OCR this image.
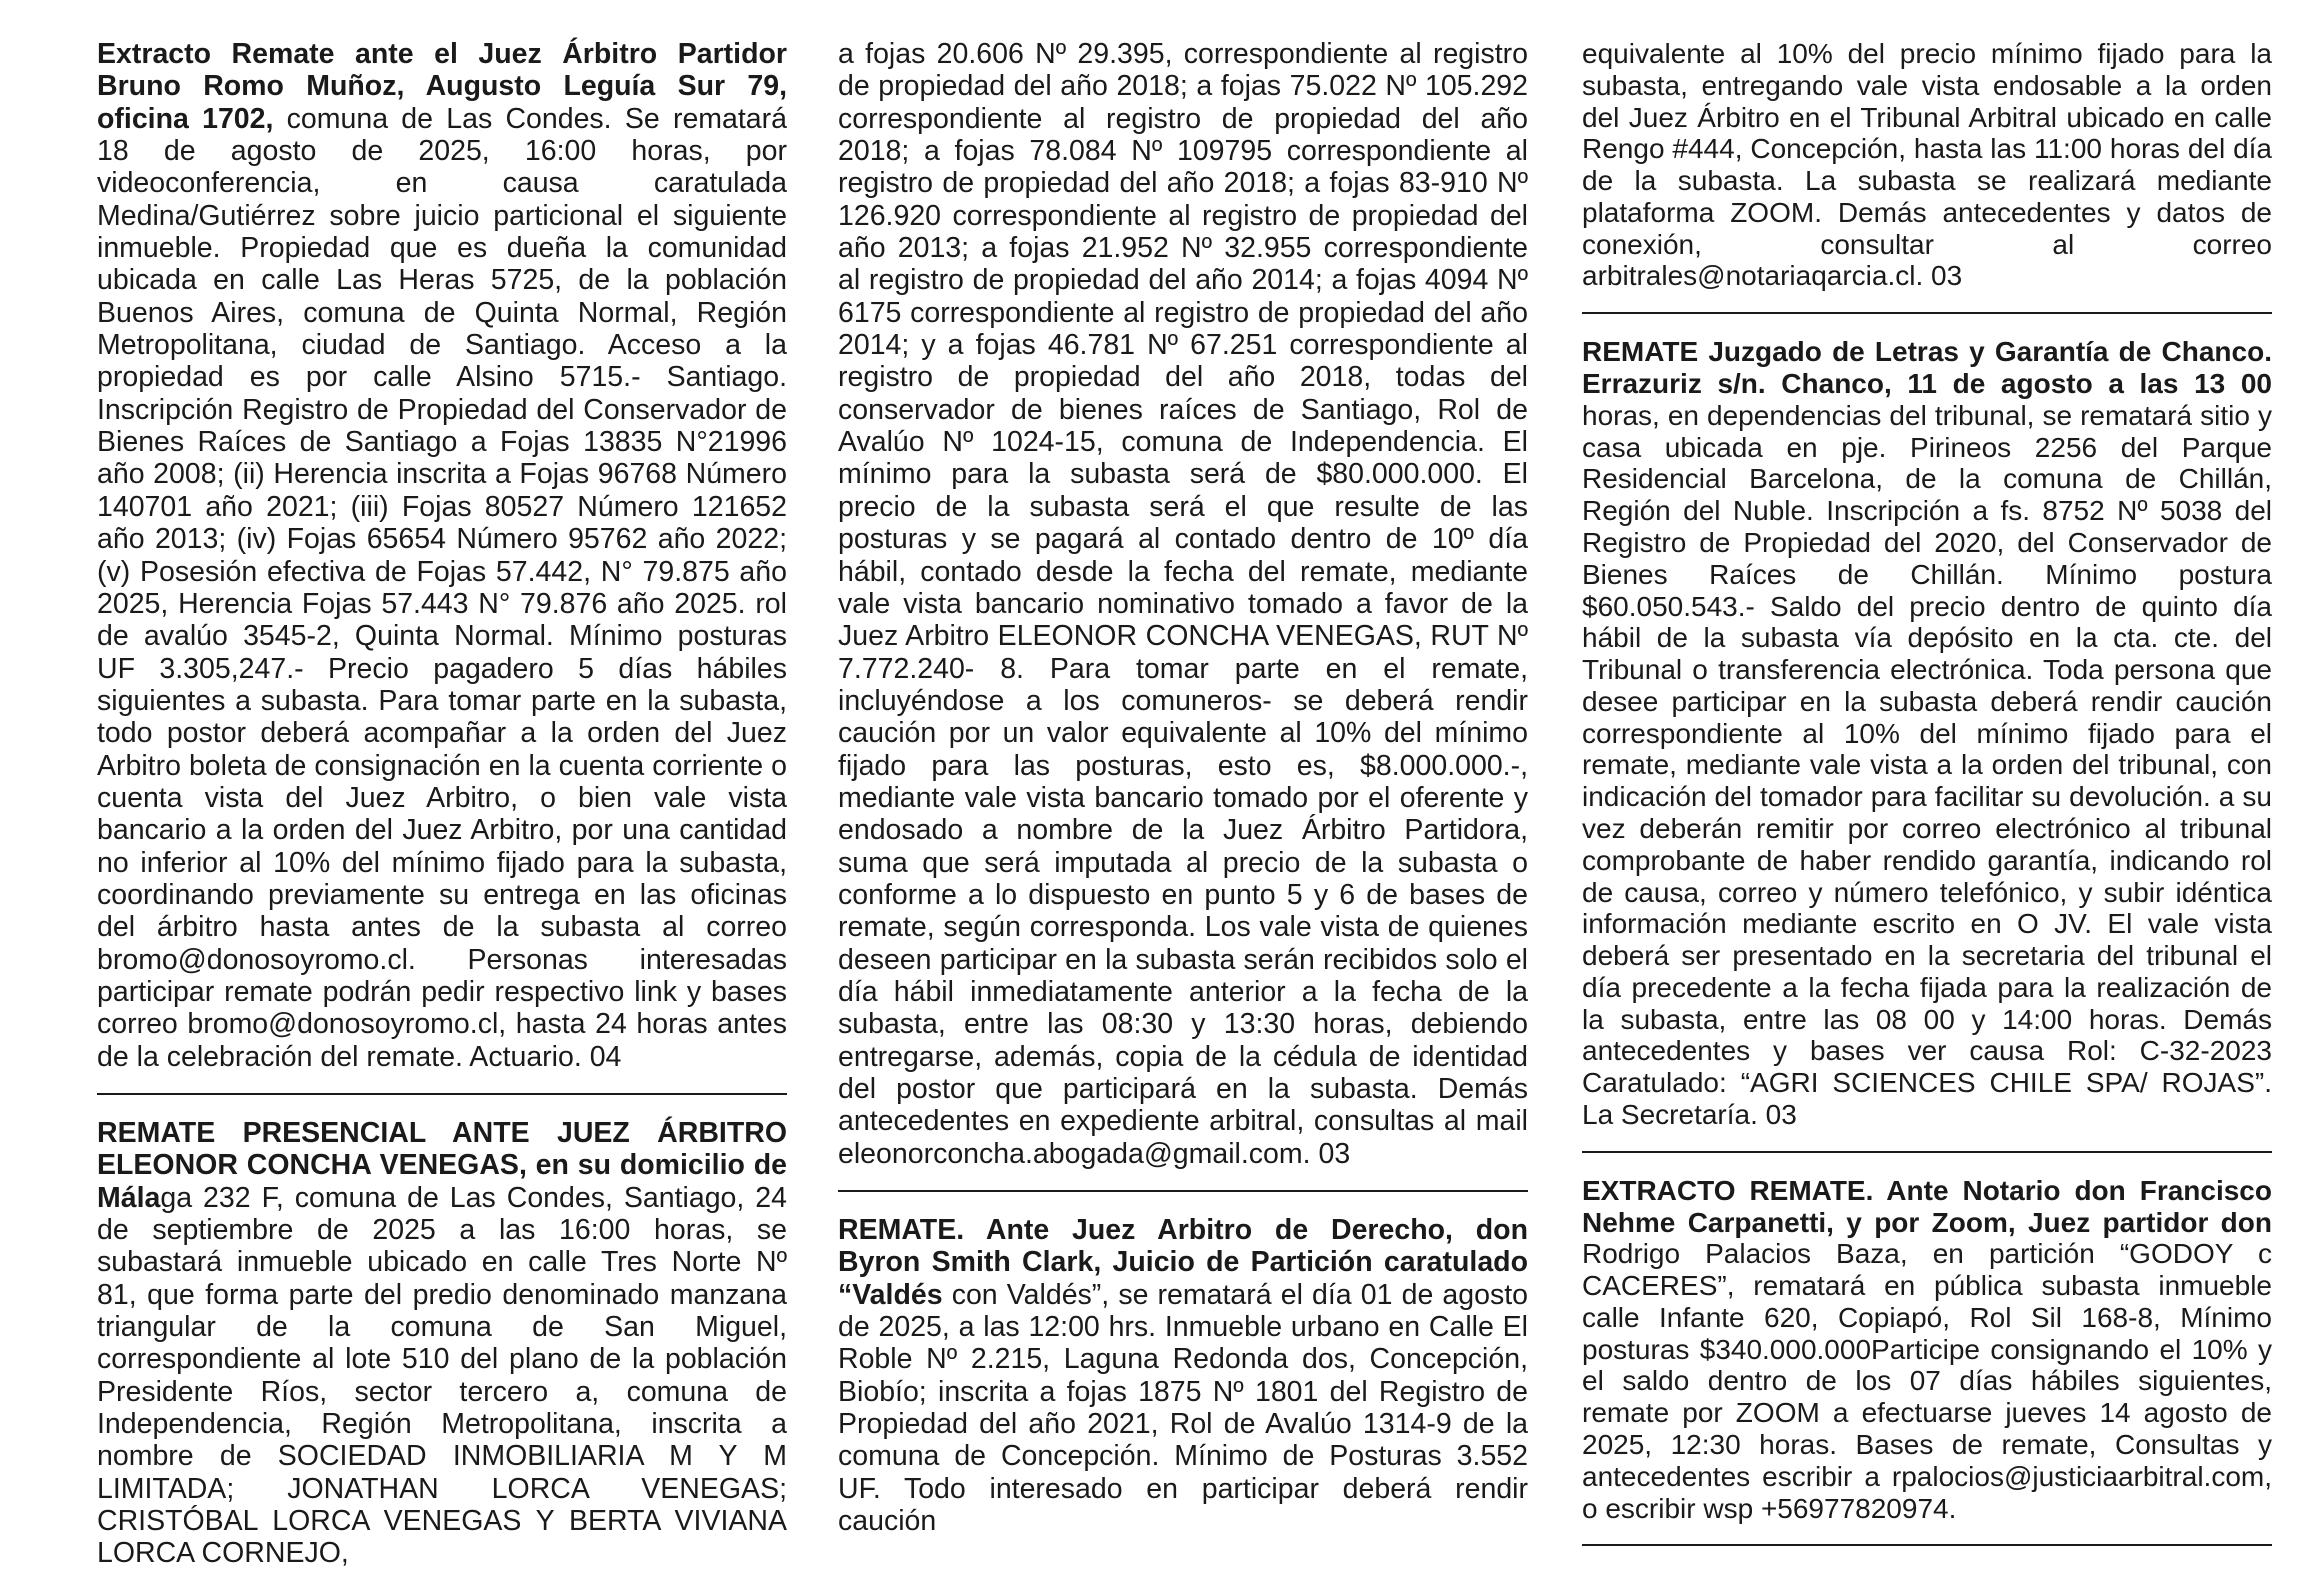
Extracto Remate ante el Juez Árbitro Partidor Bruno Romo Muñoz, Augusto Leguía Sur 79, oficina 1702, comuna de Las Condes. Se rematará 18 de agosto de 2025, 16:00 horas, por videoconferencia, en causa caratulada Medina/Gutiérrez sobre juicio particional el siguiente inmueble. Propiedad que es dueña la comunidad ubicada en calle Las Heras 5725, de la población Buenos Aires, comuna de Quinta Normal, Región Metropolitana, ciudad de Santiago. Acceso a la propiedad es por calle Alsino 5715.- Santiago. Inscripción Registro de Propiedad del Conservador de Bienes Raíces de Santiago a Fojas 13835 N°21996 año 2008; (ii) Herencia inscrita a Fojas 96768 Número 140701 año 2021; (iii) Fojas 80527 Número 121652 año 2013; (iv) Fojas 65654 Número 95762 año 2022; (v) Posesión efectiva de Fojas 57.442, N° 79.875 año 2025, Herencia Fojas 57.443 N° 79.876 año 2025. rol de avalúo 3545-2, Quinta Normal. Mínimo posturas UF 3.305,247.- Precio pagadero 5 días hábiles siguientes a subasta. Para tomar parte en la subasta, todo postor deberá acompañar a la orden del Juez Arbitro boleta de consignación en la cuenta corriente o cuenta vista del Juez Arbitro, o bien vale vista bancario a la orden del Juez Arbitro, por una cantidad no inferior al 10% del mínimo fijado para la subasta, coordinando previamente su entrega en las oficinas del árbitro hasta antes de la subasta al correo bromo@donosoyromo.cl. Personas interesadas participar remate podrán pedir respectivo link y bases correo bromo@donosoyromo.cl, hasta 24 horas antes de la celebración del remate. Actuario. 04

REMATE PRESENCIAL ANTE JUEZ ÁRBITRO ELEONOR CONCHA VENEGAS, en su domicilio de Málaga 232 F, comuna de Las Condes, Santiago, 24 de septiembre de 2025 a las 16:00 horas, se subastará inmueble ubicado en calle Tres Norte Nº 81, que forma parte del predio denominado manzana triangular de la comuna de San Miguel, correspondiente al lote 510 del plano de la población Presidente Ríos, sector tercero a, comuna de Independencia, Región Metropolitana, inscrita a nombre de SOCIEDAD INMOBILIARIA M Y M LIMITADA; JONATHAN LORCA VENEGAS; CRISTÓBAL LORCA VENEGAS Y BERTA VIVIANA LORCA CORNEJO,

a fojas 20.606 Nº 29.395, correspondiente al registro de propiedad del año 2018; a fojas 75.022 Nº 105.292 correspondiente al registro de propiedad del año 2018; a fojas 78.084 Nº 109795 correspondiente al registro de propiedad del año 2018; a fojas 83-910 Nº 126.920 correspondiente al registro de propiedad del año 2013; a fojas 21.952 Nº 32.955 correspondiente al registro de propiedad del año 2014; a fojas 4094 Nº 6175 correspondiente al registro de propiedad del año 2014; y a fojas 46.781 Nº 67.251 correspondiente al registro de propiedad del año 2018, todas del conservador de bienes raíces de Santiago, Rol de Avalúo Nº 1024-15, comuna de Independencia. El mínimo para la subasta será de $80.000.000. El precio de la subasta será el que resulte de las posturas y se pagará al contado dentro de 10º día hábil, contado desde la fecha del remate, mediante vale vista bancario nominativo tomado a favor de la Juez Arbitro ELEONOR CONCHA VENEGAS, RUT Nº 7.772.240- 8. Para tomar parte en el remate, incluyéndose a los comuneros- se deberá rendir caución por un valor equivalente al 10% del mínimo fijado para las posturas, esto es, $8.000.000.-, mediante vale vista bancario tomado por el oferente y endosado a nombre de la Juez Árbitro Partidora, suma que será imputada al precio de la subasta o conforme a lo dispuesto en punto 5 y 6 de bases de remate, según corresponda. Los vale vista de quienes deseen participar en la subasta serán recibidos solo el día hábil inmediatamente anterior a la fecha de la subasta, entre las 08:30 y 13:30 horas, debiendo entregarse, además, copia de la cédula de identidad del postor que participará en la subasta. Demás antecedentes en expediente arbitral, consultas al mail eleonorconcha.abogada@gmail.com. 03

REMATE. Ante Juez Arbitro de Derecho, don Byron Smith Clark, Juicio de Partición caratulado “Valdés con Valdés”, se rematará el día 01 de agosto de 2025, a las 12:00 hrs. Inmueble urbano en Calle El Roble Nº 2.215, Laguna Redonda dos, Concepción, Biobío; inscrita a fojas 1875 Nº 1801 del Registro de Propiedad del año 2021, Rol de Avalúo 1314-9 de la comuna de Concepción. Mínimo de Posturas 3.552 UF. Todo interesado en participar deberá rendir caución

equivalente al 10% del precio mínimo fijado para la subasta, entregando vale vista endosable a la orden del Juez Árbitro en el Tribunal Arbitral ubicado en calle Rengo #444, Concepción, hasta las 11:00 horas del día de la subasta. La subasta se realizará mediante plataforma ZOOM. Demás antecedentes y datos de conexión, consultar al correo arbitrales@notariaqarcia.cl. 03

REMATE Juzgado de Letras y Garantía de Chanco. Errazuriz s/n. Chanco, 11 de agosto a las 13 00 horas, en dependencias del tribunal, se rematará sitio y casa ubicada en pje. Pirineos 2256 del Parque Residencial Barcelona, de la comuna de Chillán, Región del Nuble. Inscripción a fs. 8752 Nº 5038 del Registro de Propiedad del 2020, del Conservador de Bienes Raíces de Chillán. Mínimo postura $60.050.543.- Saldo del precio dentro de quinto día hábil de la subasta vía depósito en la cta. cte. del Tribunal o transferencia electrónica. Toda persona que desee participar en la subasta deberá rendir caución correspondiente al 10% del mínimo fijado para el remate, mediante vale vista a la orden del tribunal, con indicación del tomador para facilitar su devolución. a su vez deberán remitir por correo electrónico al tribunal comprobante de haber rendido garantía, indicando rol de causa, correo y número telefónico, y subir idéntica información mediante escrito en O JV. El vale vista deberá ser presentado en la secretaria del tribunal el día precedente a la fecha fijada para la realización de la subasta, entre las 08 00 y 14:00 horas. Demás antecedentes y bases ver causa Rol: C-32-2023 Caratulado: “AGRI SCIENCES CHILE SPA/ ROJAS”. La Secretaría. 03

EXTRACTO REMATE. Ante Notario don Francisco Nehme Carpanetti, y por Zoom, Juez partidor don Rodrigo Palacios Baza, en partición “GODOY c CACERES”, rematará en pública subasta inmueble calle Infante 620, Copiapó, Rol Sil 168-8, Mínimo posturas $340.000.000Participe consignando el 10% y el saldo dentro de los 07 días hábiles siguientes, remate por ZOOM a efectuarse jueves 14 agosto de 2025, 12:30 horas. Bases de remate, Consultas y antecedentes escribir a rpalocios@justiciaarbitral.com, o escribir wsp +56977820974.
